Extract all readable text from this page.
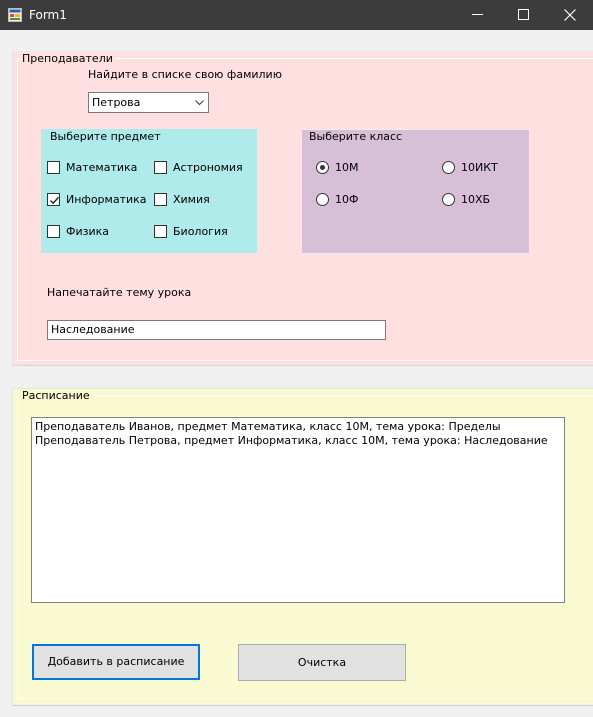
Form1
Преподаватели
Найдите в списке свою фамилию
Петрова
Выберите предмет
Математика	Астрономия
Информатика Химия
Физика	Биология
Выберите класс
10М	10ИКТ
10Ф	10ХБ
Напечатайте тему урока
Наследование
Расписание
Преподаватель Иванов, предмет Математика, класс 10М, тема урока: Пределы
Преподаватель Петрова, предмет Информатика, класс 10М, тема урока: Наследование
Добавить в расписание	Очистка
